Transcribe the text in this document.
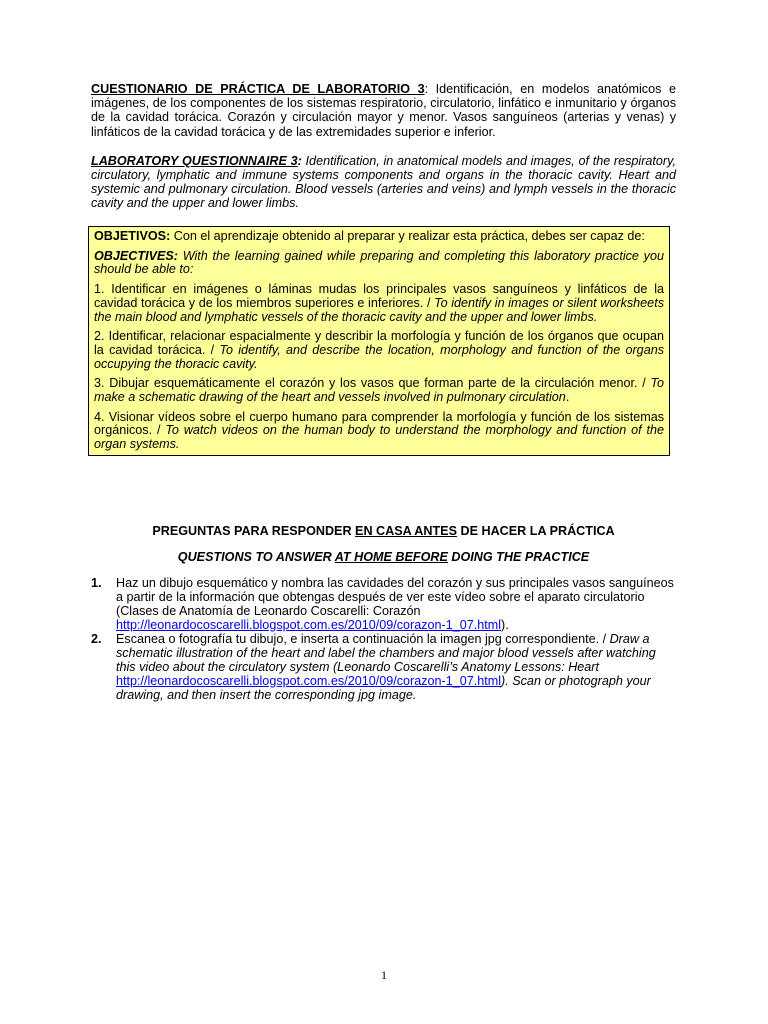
CUESTIONARIO DE PRÁCTICA DE LABORATORIO 3: Identificación, en modelos anatómicos e imágenes, de los componentes de los sistemas respiratorio, circulatorio, linfático e inmunitario y órganos de la cavidad torácica. Corazón y circulación mayor y menor. Vasos sanguíneos (arterias y venas) y linfáticos de la cavidad torácica y de las extremidades superior e inferior.

LABORATORY QUESTIONNAIRE 3: Identification, in anatomical models and images, of the respiratory, circulatory, lymphatic and immune systems components and organs in the thoracic cavity. Heart and systemic and pulmonary circulation. Blood vessels (arteries and veins) and lymph vessels in the thoracic cavity and the upper and lower limbs.

OBJETIVOS: Con el aprendizaje obtenido al preparar y realizar esta práctica, debes ser capaz de:

OBJECTIVES: With the learning gained while preparing and completing this laboratory practice you should be able to:

1. Identificar en imágenes o láminas mudas los principales vasos sanguíneos y linfáticos de la cavidad torácica y de los miembros superiores e inferiores. / To identify in images or silent worksheets the main blood and lymphatic vessels of the thoracic cavity and the upper and lower limbs.

2. Identificar, relacionar espacialmente y describir la morfología y función de los órganos que ocupan la cavidad torácica. / To identify, and describe the location, morphology and function of the organs occupying the thoracic cavity.

3. Dibujar esquemáticamente el corazón y los vasos que forman parte de la circulación menor. / To make a schematic drawing of the heart and vessels involved in pulmonary circulation.

4. Visionar vídeos sobre el cuerpo humano para comprender la morfología y función de los sistemas orgánicos. / To watch videos on the human body to understand the morphology and function of the organ systems.

PREGUNTAS PARA RESPONDER EN CASA ANTES DE HACER LA PRÁCTICA
QUESTIONS TO ANSWER AT HOME BEFORE DOING THE PRACTICE
1. Haz un dibujo esquemático y nombra las cavidades del corazón y sus principales vasos sanguíneos a partir de la información que obtengas después de ver este vídeo sobre el aparato circulatorio (Clases de Anatomía de Leonardo Coscarelli: Corazón http://leonardocoscarelli.blogspot.com.es/2010/09/corazon-1_07.html).
2. Escanea o fotografía tu dibujo, e inserta a continuación la imagen jpg correspondiente. / Draw a schematic illustration of the heart and label the chambers and major blood vessels after watching this video about the circulatory system (Leonardo Coscarelli’s Anatomy Lessons: Heart http://leonardocoscarelli.blogspot.com.es/2010/09/corazon-1_07.html). Scan or photograph your drawing, and then insert the corresponding jpg image.
1
